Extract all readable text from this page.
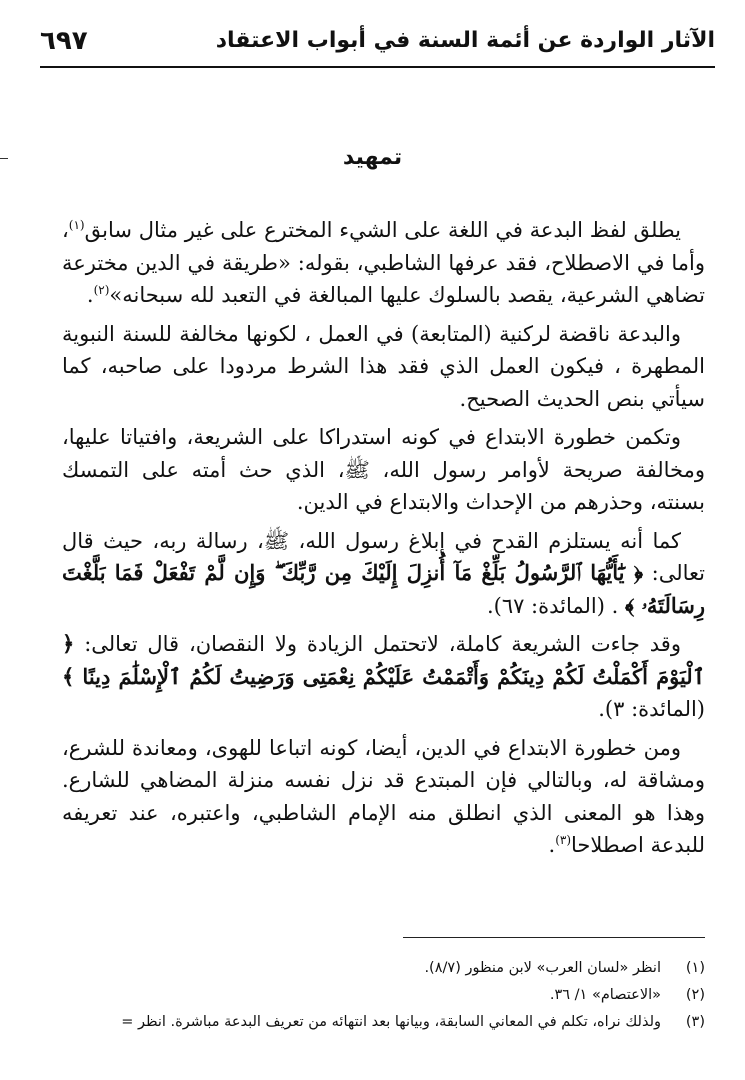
الآثار الواردة عن أئمة السنة في أبواب الاعتقاد
٦٩٧
تمهيد

يطلق لفظ البدعة في اللغة على الشيء المخترع على غير مثال سابق$^{(١)}$، وأما في الاصطلاح، فقد عرفها الشاطبي، بقوله: «طريقة في الدين مخترعة تضاهي الشرعية، يقصد بالسلوك عليها المبالغة في التعبد لله سبحانه»$^{(٢)}$.

والبدعة ناقضة لركنية (المتابعة) في العمل ، لكونها مخالفة للسنة النبوية المطهرة ، فيكون العمل الذي فقد هذا الشرط مردودا على صاحبه، كما سيأتي بنص الحديث الصحيح.

وتكمن خطورة الابتداع في كونه استدراكا على الشريعة، وافتياتا عليها، ومخالفة صريحة لأوامر رسول الله، ﷺ، الذي حث أمته على التمسك بسنته، وحذرهم من الإحداث والابتداع في الدين.

كما أنه يستلزم القدح في إبلاغ رسول الله، ﷺ، رسالة ربه، حيث قال تعالى: ﴿ يَٰٓأَيُّهَا ٱلرَّسُولُ بَلِّغْ مَآ أُنزِلَ إِلَيْكَ مِن رَّبِّكَ ۖ وَإِن لَّمْ تَفْعَلْ فَمَا بَلَّغْتَ رِسَالَتَهُۥ ﴾ . (المائدة: ٦٧).

وقد جاءت الشريعة كاملة، لاتحتمل الزيادة ولا النقصان، قال تعالى: ﴿ ٱلْيَوْمَ أَكْمَلْتُ لَكُمْ دِينَكُمْ وَأَتْمَمْتُ عَلَيْكُمْ نِعْمَتِى وَرَضِيتُ لَكُمُ ٱلْإِسْلَٰمَ دِينًا ﴾ (المائدة: ٣).

ومن خطورة الابتداع في الدين، أيضا، كونه اتباعا للهوى، ومعاندة للشرع، ومشاقة له، وبالتالي فإن المبتدع قد نزل نفسه منزلة المضاهي للشارع. وهذا هو المعنى الذي انطلق منه الإمام الشاطبي، واعتبره، عند تعريفه للبدعة اصطلاحا$^{(٣)}$.

(١)
انظر «لسان العرب» لابن منظور (٨/٧).
(٢)
«الاعتصام» ١/ ٣٦.
(٣)
ولذلك نراه، تكلم في المعاني السابقة، وبيانها بعد انتهائه من تعريف البدعة مباشرة. انظر =
